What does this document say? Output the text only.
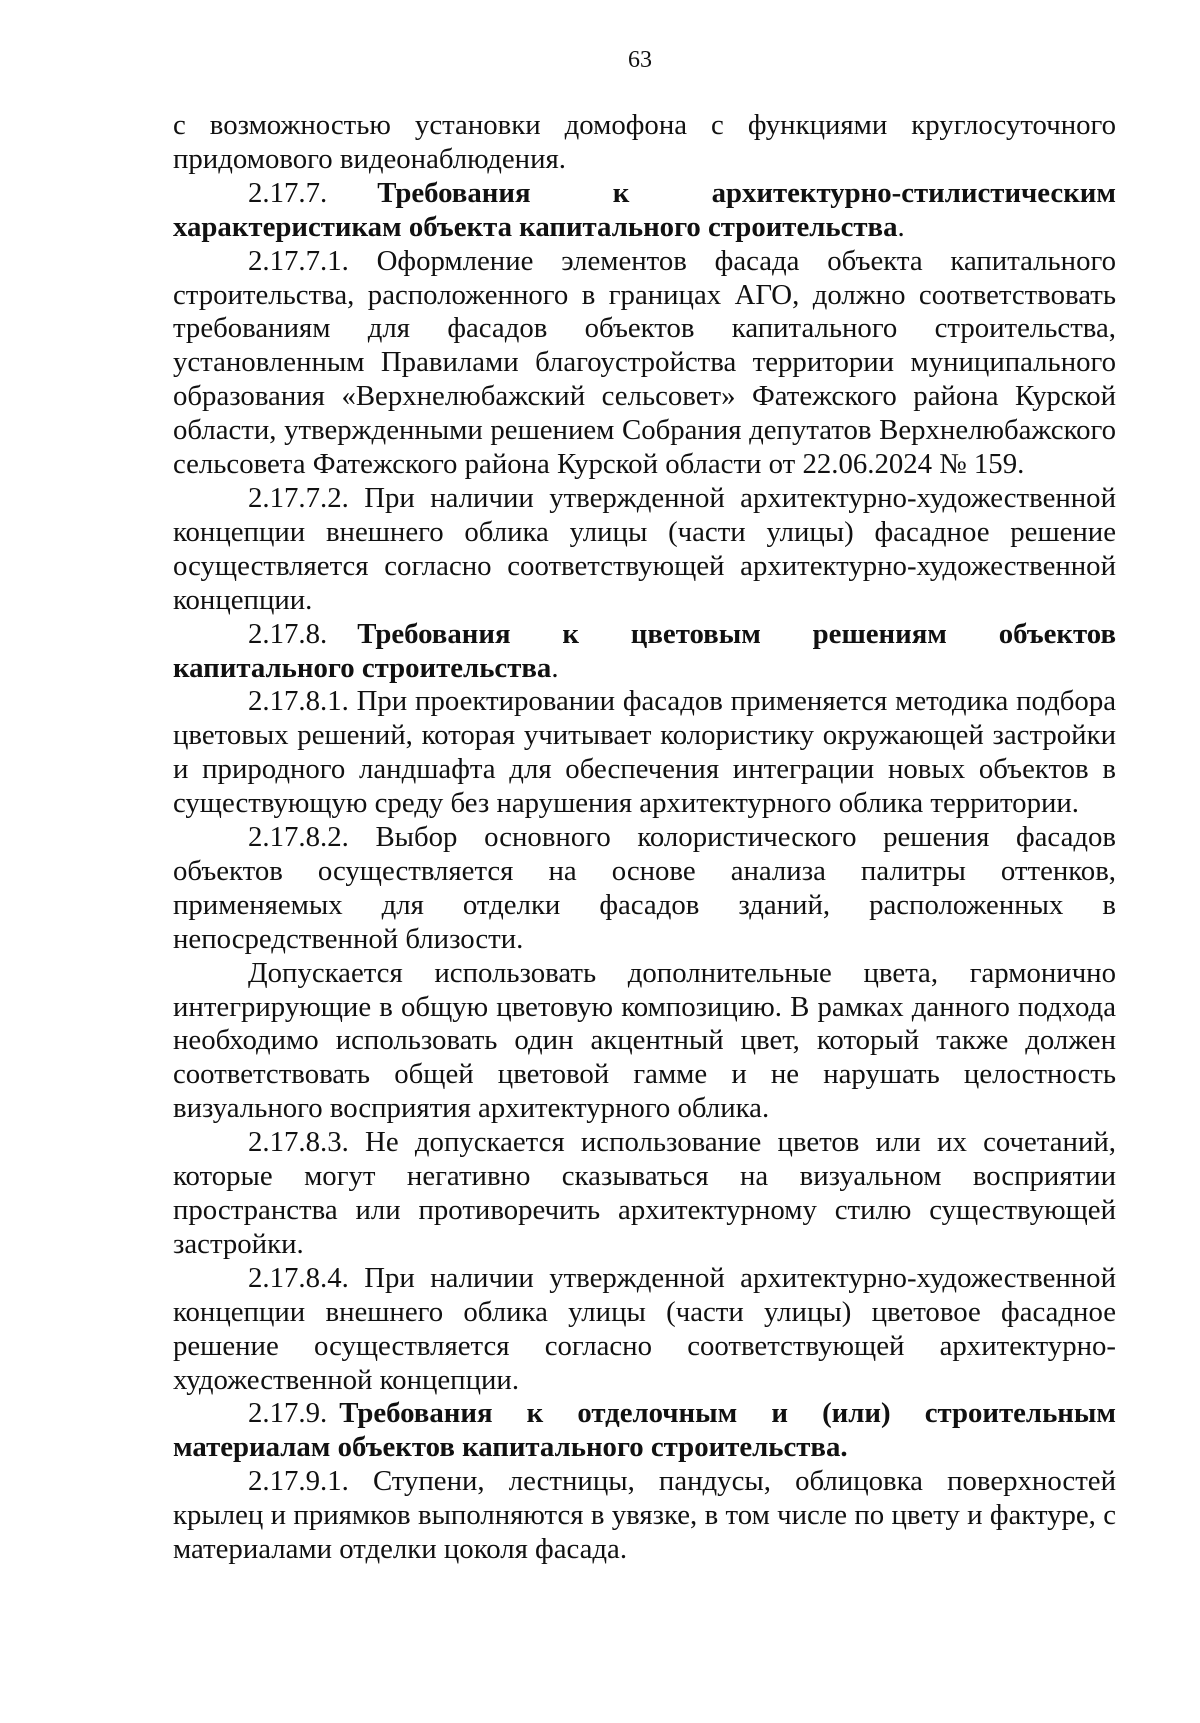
63

с возможностью установки домофона с функциями круглосуточного придомового видеонаблюдения.

2.17.7. Требования к архитектурно-стилистическим характеристикам объекта капитального строительства.

2.17.7.1. Оформление элементов фасада объекта капитального строительства, расположенного в границах АГО, должно соответствовать требованиям для фасадов объектов капитального строительства, установленным Правилами благоустройства территории муниципального образования «Верхнелюбажский сельсовет» Фатежского района Курской области, утвержденными решением Собрания депутатов Верхнелюбажского сельсовета Фатежского района Курской области от 22.06.2024 № 159.

2.17.7.2. При наличии утвержденной архитектурно-художественной концепции внешнего облика улицы (части улицы) фасадное решение осуществляется согласно соответствующей архитектурно-художественной концепции.

2.17.8. Требования к цветовым решениям объектов капитального строительства.

2.17.8.1. При проектировании фасадов применяется методика подбора цветовых решений, которая учитывает колористику окружающей застройки и природного ландшафта для обеспечения интеграции новых объектов в существующую среду без нарушения архитектурного облика территории.

2.17.8.2. Выбор основного колористического решения фасадов объектов осуществляется на основе анализа палитры оттенков, применяемых для отделки фасадов зданий, расположенных в непосредственной близости.

Допускается использовать дополнительные цвета, гармонично интегрирующие в общую цветовую композицию. В рамках данного подхода необходимо использовать один акцентный цвет, который также должен соответствовать общей цветовой гамме и не нарушать целостность визуального восприятия архитектурного облика.

2.17.8.3. Не допускается использование цветов или их сочетаний, которые могут негативно сказываться на визуальном восприятии пространства или противоречить архитектурному стилю существующей застройки.

2.17.8.4. При наличии утвержденной архитектурно-художественной концепции внешнего облика улицы (части улицы) цветовое фасадное решение осуществляется согласно соответствующей архитектурно-художественной концепции.

2.17.9. Требования к отделочным и (или) строительным материалам объектов капитального строительства.

2.17.9.1. Ступени, лестницы, пандусы, облицовка поверхностей крылец и приямков выполняются в увязке, в том числе по цвету и фактуре, с материалами отделки цоколя фасада.
